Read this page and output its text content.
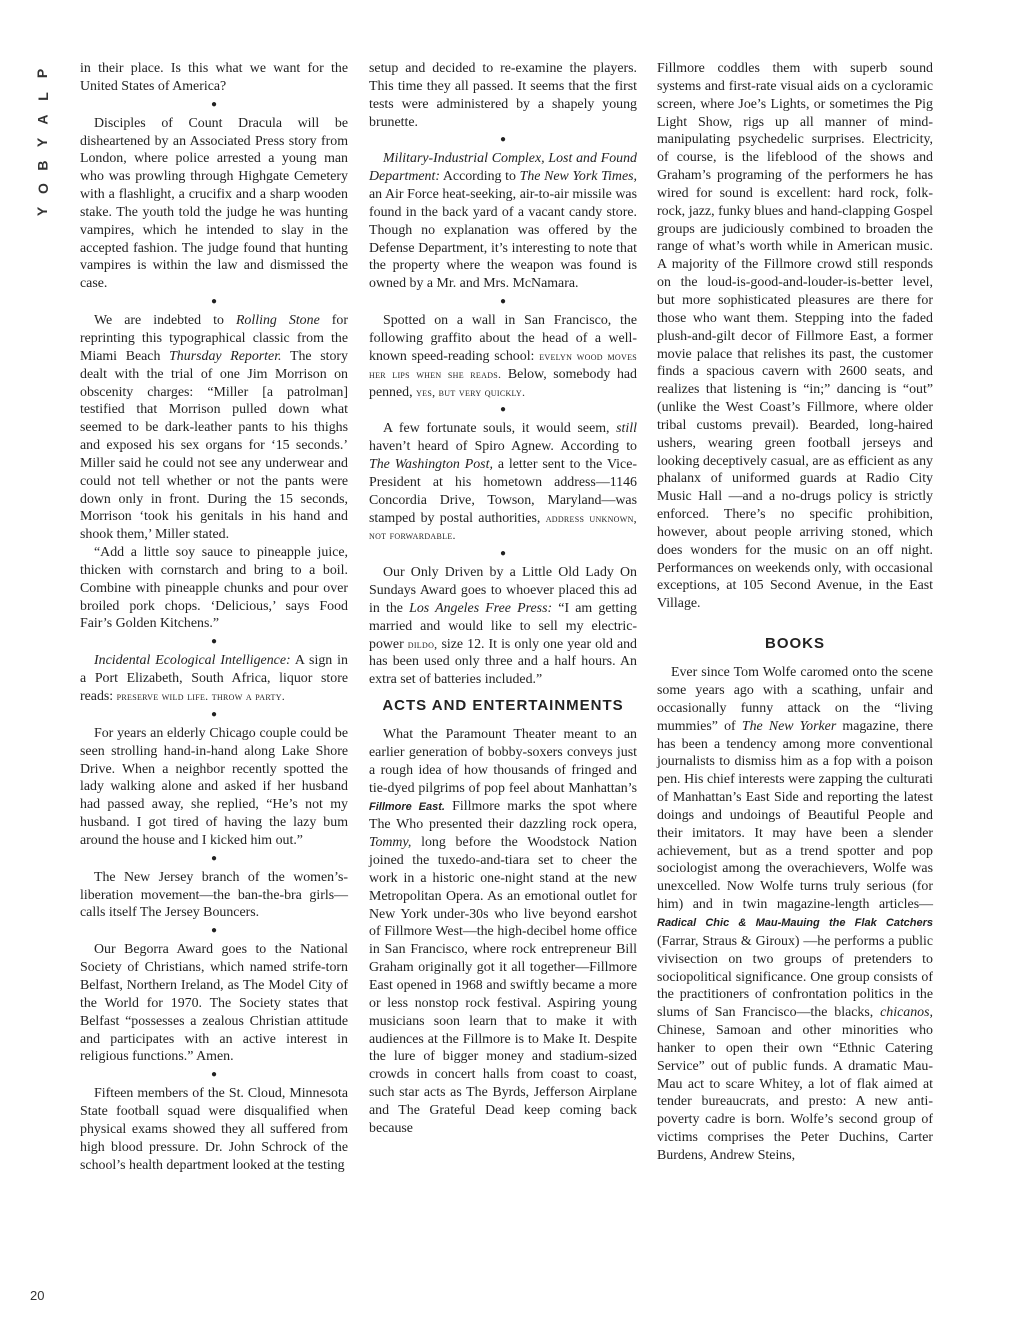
P
L
A
Y
B
O
Y
20

in their place. Is this what we want for the United States of America?

●

Disciples of Count Dracula will be disheartened by an Associated Press story from London, where police arrested a young man who was prowling through Highgate Cemetery with a flashlight, a crucifix and a sharp wooden stake. The youth told the judge he was hunting vampires, which he intended to slay in the accepted fashion. The judge found that hunting vampires is within the law and dismissed the case.

●

We are indebted to Rolling Stone for reprinting this typographical classic from the Miami Beach Thursday Reporter. The story dealt with the trial of one Jim Morrison on obscenity charges: “Miller [a patrolman] testified that Morrison pulled down what seemed to be dark-leather pants to his thighs and exposed his sex organs for ‘15 seconds.’ Miller said he could not see any underwear and could not tell whether or not the pants were down only in front. During the 15 seconds, Morrison ‘took his genitals in his hand and shook them,’ Miller stated.

“Add a little soy sauce to pineapple juice, thicken with cornstarch and bring to a boil. Combine with pineapple chunks and pour over broiled pork chops. ‘Delicious,’ says Food Fair’s Golden Kitchens.”

●

Incidental Ecological Intelligence: A sign in a Port Elizabeth, South Africa, liquor store reads: preserve wild life. throw a party.

●

For years an elderly Chicago couple could be seen strolling hand-in-hand along Lake Shore Drive. When a neighbor recently spotted the lady walking alone and asked if her husband had passed away, she replied, “He’s not my husband. I got tired of having the lazy bum around the house and I kicked him out.”

●

The New Jersey branch of the women’s-liberation movement—the ban-the-bra girls—calls itself The Jersey Bouncers.

●

Our Begorra Award goes to the National Society of Christians, which named strife-torn Belfast, Northern Ireland, as The Model City of the World for 1970. The Society states that Belfast “possesses a zealous Christian attitude and participates with an active interest in religious functions.” Amen.

●

Fifteen members of the St. Cloud, Minnesota State football squad were disqualified when physical exams showed they all suffered from high blood pressure. Dr. John Schrock of the school’s health department looked at the testing

setup and decided to re-examine the players. This time they all passed. It seems that the first tests were administered by a shapely young brunette.

●

Military-Industrial Complex, Lost and Found Department: According to The New York Times, an Air Force heat-seeking, air-to-air missile was found in the back yard of a vacant candy store. Though no explanation was offered by the Defense Department, it’s interesting to note that the property where the weapon was found is owned by a Mr. and Mrs. McNamara.

●

Spotted on a wall in San Francisco, the following graffito about the head of a well-known speed-reading school: evelyn wood moves her lips when she reads. Below, somebody had penned, yes, but very quickly.

●

A few fortunate souls, it would seem, still haven’t heard of Spiro Agnew. According to The Washington Post, a letter sent to the Vice-President at his hometown address—1146 Concordia Drive, Towson, Maryland—was stamped by postal authorities, address unknown, not forwardable.

●

Our Only Driven by a Little Old Lady On Sundays Award goes to whoever placed this ad in the Los Angeles Free Press: “I am getting married and would like to sell my electric-power dildo, size 12. It is only one year old and has been used only three and a half hours. An extra set of batteries included.”

ACTS AND ENTERTAINMENTS

What the Paramount Theater meant to an earlier generation of bobby-soxers conveys just a rough idea of how thousands of fringed and tie-dyed pilgrims of pop feel about Manhattan’s Fillmore East. Fillmore marks the spot where The Who presented their dazzling rock opera, Tommy, long before the Woodstock Nation joined the tuxedo-and-tiara set to cheer the work in a historic one-night stand at the new Metropolitan Opera. As an emotional outlet for New York under-30s who live beyond earshot of Fillmore West—the high-decibel home office in San Francisco, where rock entrepreneur Bill Graham originally got it all together—Fillmore East opened in 1968 and swiftly became a more or less nonstop rock festival. Aspiring young musicians soon learn that to make it with audiences at the Fillmore is to Make It. Despite the lure of bigger money and stadium-sized crowds in concert halls from coast to coast, such star acts as The Byrds, Jefferson Airplane and The Grateful Dead keep coming back because

Fillmore coddles them with superb sound systems and first-rate visual aids on a cycloramic screen, where Joe’s Lights, or sometimes the Pig Light Show, rigs up all manner of mind-manipulating psychedelic surprises. Electricity, of course, is the lifeblood of the shows and Graham’s programing of the performers he has wired for sound is excellent: hard rock, folk-rock, jazz, funky blues and hand-clapping Gospel groups are judiciously combined to broaden the range of what’s worth while in American music. A majority of the Fillmore crowd still responds on the loud-is-good-and-louder-is-better level, but more sophisticated pleasures are there for those who want them. Stepping into the faded plush-and-gilt decor of Fillmore East, a former movie palace that relishes its past, the customer finds a spacious cavern with 2600 seats, and realizes that listening is “in;” dancing is “out” (unlike the West Coast’s Fillmore, where older tribal customs prevail). Bearded, long-haired ushers, wearing green football jerseys and looking deceptively casual, are as efficient as any phalanx of uniformed guards at Radio City Music Hall —and a no-drugs policy is strictly enforced. There’s no specific prohibition, however, about people arriving stoned, which does wonders for the music on an off night. Performances on weekends only, with occasional exceptions, at 105 Second Avenue, in the East Village.

BOOKS

Ever since Tom Wolfe caromed onto the scene some years ago with a scathing, unfair and occasionally funny attack on the “living mummies” of The New Yorker magazine, there has been a tendency among more conventional journalists to dismiss him as a fop with a poison pen. His chief interests were zapping the culturati of Manhattan’s East Side and reporting the latest doings and undoings of Beautiful People and their imitators. It may have been a slender achievement, but as a trend spotter and pop sociologist among the overachievers, Wolfe was unexcelled. Now Wolfe turns truly serious (for him) and in twin magazine-length articles—Radical Chic & Mau-Mauing the Flak Catchers (Farrar, Straus & Giroux) —he performs a public vivisection on two groups of pretenders to sociopolitical significance. One group consists of the practitioners of confrontation politics in the slums of San Francisco—the blacks, chicanos, Chinese, Samoan and other minorities who hanker to open their own “Ethnic Catering Service” out of public funds. A dramatic Mau-Mau act to scare Whitey, a lot of flak aimed at tender bureaucrats, and presto: A new anti-poverty cadre is born. Wolfe’s second group of victims comprises the Peter Duchins, Carter Burdens, Andrew Steins,
